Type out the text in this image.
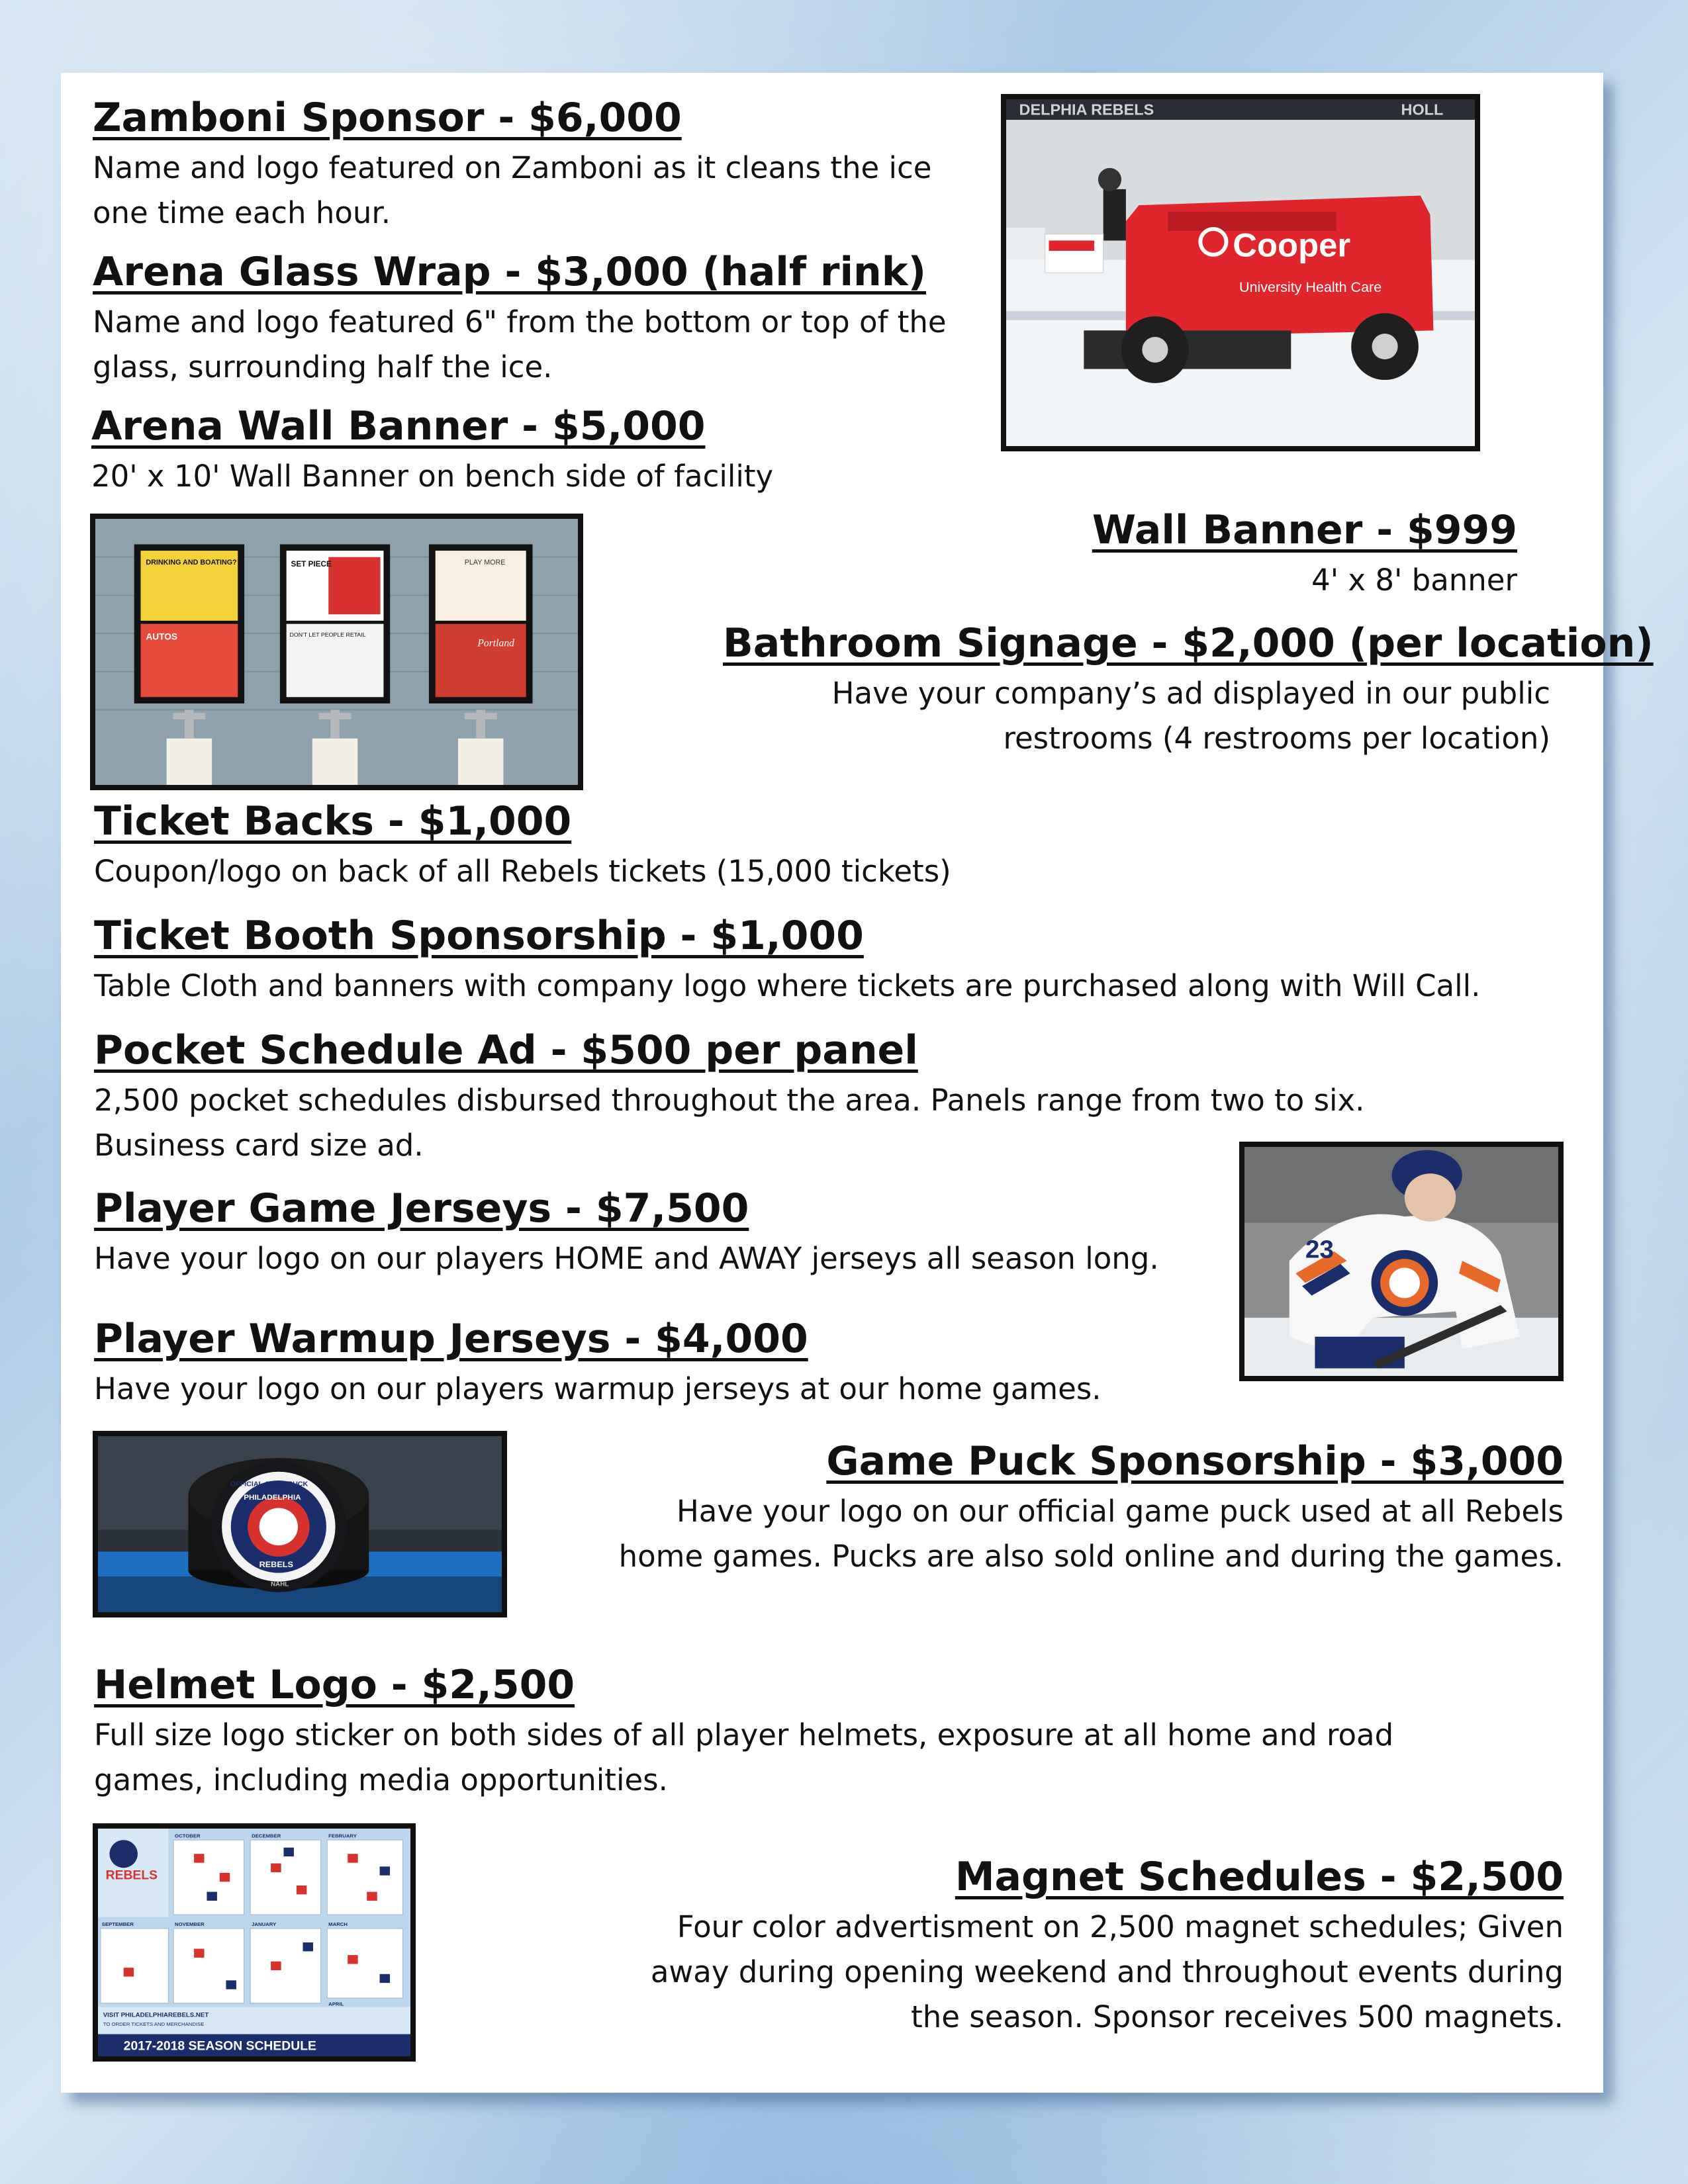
Zamboni Sponsor - $6,000
Name and logo featured on Zamboni as it cleans the ice one time each hour.
Arena Glass Wrap - $3,000 (half rink)
Name and logo featured 6" from the bottom or top of the glass, surrounding half the ice.
Arena Wall Banner - $5,000
20' x 10' Wall Banner on bench side of facility
DELPHIA REBELS	HOLL
Cooper
University Health Care
DRINKING AND BOATING?
AUTOS
SET PIECE
DON'T LET PEOPLE RETAIL
PLAY MORE
Portland
Wall Banner - $999
4' x 8' banner
Bathroom Signage - $2,000 (per location)
Have your company’s ad displayed in our public restrooms (4 restrooms per location)
Ticket Backs - $1,000
Coupon/logo on back of all Rebels tickets (15,000 tickets)
Ticket Booth Sponsorship - $1,000
Table Cloth and banners with company logo where tickets are purchased along with Will Call.
Pocket Schedule Ad - $500 per panel
2,500 pocket schedules disbursed throughout the area. Panels range from two to six. Business card size ad.
Player Game Jerseys - $7,500
Have your logo on our players HOME and AWAY jerseys all season long.
Player Warmup Jerseys - $4,000
Have your logo on our players warmup jerseys at our home games.
23
OFFICIAL GAME PUCK
PHILADELPHIA
REBELS
NAHL
Game Puck Sponsorship - $3,000
Have your logo on our official game puck used at all Rebels home games. Pucks are also sold online and during the games.
Helmet Logo - $2,500
Full size logo sticker on both sides of all player helmets, exposure at all home and road games, including media opportunities.
REBELS
OCTOBER	DECEMBER	FEBRUARY
SEPTEMBER	NOVEMBER	JANUARY	MARCH
APRIL
VISIT PHILADELPHIAREBELS.NET
TO ORDER TICKETS AND MERCHANDISE
2017-2018 SEASON SCHEDULE
Magnet Schedules - $2,500
Four color advertisment on 2,500 magnet schedules; Given away during opening weekend and throughout events during the season. Sponsor receives 500 magnets.
